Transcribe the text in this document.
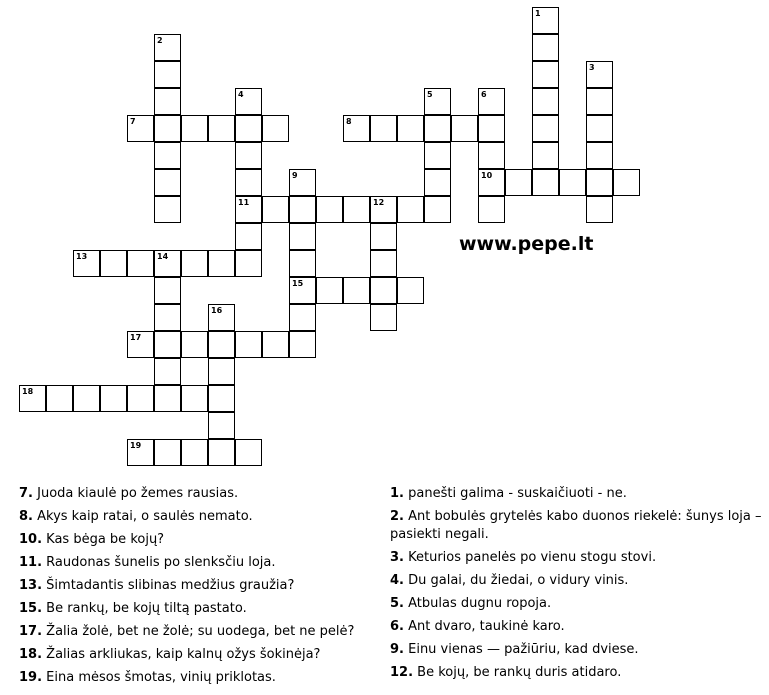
1
3
2
4	5	6
7	8
9	10
11	12
13	14
15
16
17
18
19
www.pepe.lt
7. Juoda kiaulė po žemes rausias.
8. Akys kaip ratai, o saulės nemato.
10. Kas bėga be kojų?
11. Raudonas šunelis po slenksčiu loja.
13. Šimtadantis slibinas medžius graužia?
15. Be rankų, be kojų tiltą pastato.
17. Žalia žolė, bet ne žolė; su uodega, bet ne pelė?
18. Žalias arkliukas, kaip kalnų ožys šokinėja?
19. Eina mėsos šmotas, vinių priklotas.
1. panešti galima - suskaičiuoti - ne.
2. Ant bobulės grytelės kabo duonos riekelė: šunys loja – pasiekti negali.
3. Keturios panelės po vienu stogu stovi.
4. Du galai, du žiedai, o vidury vinis.
5. Atbulas dugnu ropoja.
6. Ant dvaro, taukinė karo.
9. Einu vienas — pažiūriu, kad dviese.
12. Be kojų, be rankų duris atidaro.
